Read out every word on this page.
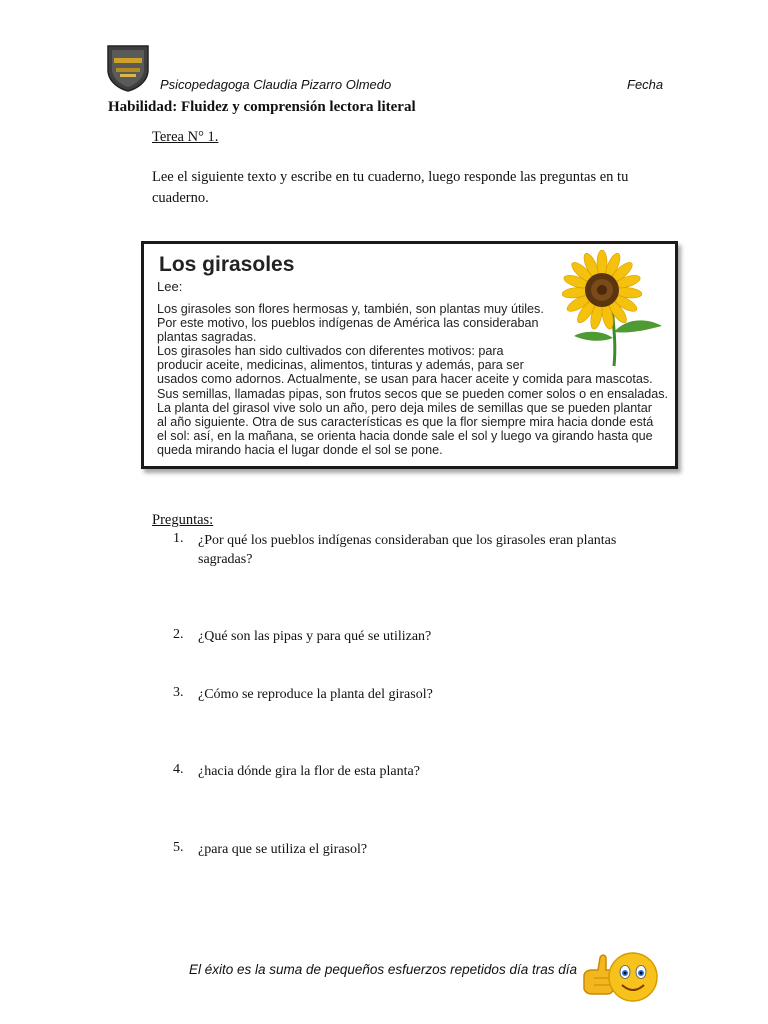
Psicopedagoga Claudia Pizarro Olmedo	Fecha
Habilidad: Fluidez y comprensión lectora literal
Terea N° 1.
Lee el siguiente texto y escribe en tu cuaderno, luego responde las preguntas en tu cuaderno.
Los girasoles
Lee:
Los girasoles son flores hermosas y, también, son plantas muy útiles.
Por este motivo, los pueblos indígenas de América las consideraban
plantas sagradas.
Los girasoles han sido cultivados con diferentes motivos: para
producir aceite, medicinas, alimentos, tinturas y además, para ser
usados como adornos. Actualmente, se usan para hacer aceite y comida para mascotas.
Sus semillas, llamadas pipas, son frutos secos que se pueden comer solos o en ensaladas.
La planta del girasol vive solo un año, pero deja miles de semillas que se pueden plantar
al año siguiente. Otra de sus características es que la flor siempre mira hacia donde está
el sol: así, en la mañana, se orienta hacia donde sale el sol y luego va girando hasta que
queda mirando hacia el lugar donde el sol se pone.
Preguntas:
1. ¿Por qué los pueblos indígenas consideraban que los girasoles eran plantas sagradas?
2. ¿Qué son las pipas y para qué se utilizan?
3. ¿Cómo se reproduce la planta del girasol?
4. ¿hacia dónde gira la flor de esta planta?
5. ¿para que se utiliza el girasol?
El éxito es la suma de pequeños esfuerzos repetidos día tras día
